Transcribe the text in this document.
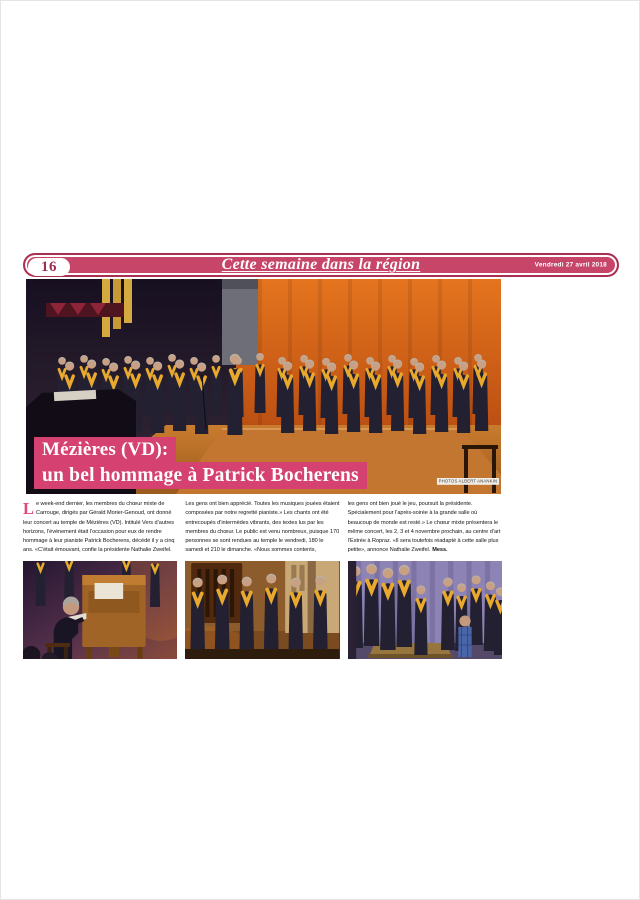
16	Cette semaine dans la région	Vendredi 27 avril 2018
Mézières (VD):
un bel hommage à Patrick Bocherens	PHOTOS ALBERT ANANKIN

Le week-end dernier, les membres du chœur mixte de Carrouge, dirigés par Gérald Morier-Genoud, ont donné leur concert au temple de Mézières (VD). Intitulé Vers d’autres horizons, l’événement était l’occasion pour eux de rendre hommage à leur pianiste Patrick Bocherens, décédé il y a cinq ans. «C’était émouvant, confie la présidente Nathalie Zweifel.

Les gens ont bien apprécié. Toutes les musiques jouées étaient composées par notre regretté pianiste.» Les chants ont été entrecoupés d’intermèdes vibrants, des textes lus par les membres du chœur. Le public est venu nombreux, puisque 170 personnes se sont rendues au temple le vendredi, 180 le samedi et 210 le dimanche. «Nous sommes contents,

les gens ont bien joué le jeu, poursuit la présidente. Spécialement pour l’après-soirée à la grande salle où beaucoup de monde est resté.» Le chœur mixte présentera le même concert, les 2, 3 et 4 novembre prochain, au centre d’art l’Estrée à Ropraz. «Il sera toutefois réadapté à cette salle plus petite», annonce Nathalie Zweifel. Mess.
